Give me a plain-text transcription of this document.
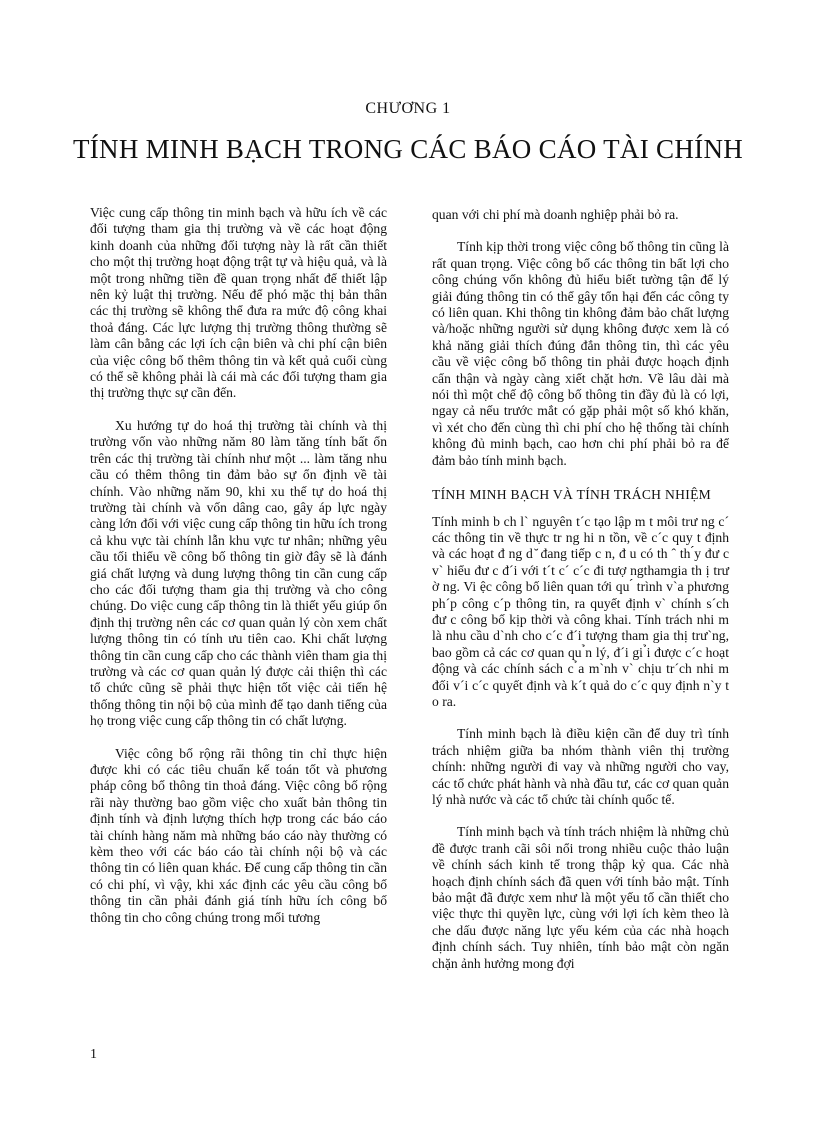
CHƯƠNG 1
TÍNH MINH BẠCH TRONG CÁC BÁO CÁO TÀI CHÍNH

Việc cung cấp thông tin minh bạch và hữu ích về các đối tượng tham gia thị trường và về các hoạt động kinh doanh của những đối tượng này là rất cần thiết cho một thị trường hoạt động trật tự và hiệu quả, và là một trong những tiền đề quan trọng nhất để thiết lập nên kỷ luật thị trường. Nếu để phó mặc thị bản thân các thị trường sẽ không thể đưa ra mức độ công khai thoả đáng. Các lực lượng thị trường thông thường sẽ làm cân bằng các lợi ích cận biên và chi phí cận biên của việc công bố thêm thông tin và kết quả cuối cùng có thể sẽ không phải là cái mà các đối tượng tham gia thị trường thực sự cần đến.

Xu hướng tự do hoá thị trường tài chính và thị trường vốn vào những năm 80 làm tăng tính bất ổn trên các thị trường tài chính như một ... làm tăng nhu cầu có thêm thông tin đảm bảo sự ổn định về tài chính. Vào những năm 90, khi xu thế tự do hoá thị trường tài chính và vốn dâng cao, gây áp lực ngày càng lớn đối với việc cung cấp thông tin hữu ích trong cả khu vực tài chính lẫn khu vực tư nhân; những yêu cầu tối thiểu về công bố thông tin giờ đây sẽ là đánh giá chất lượng và dung lượng thông tin cần cung cấp cho các đối tượng tham gia thị trường và cho công chúng. Do việc cung cấp thông tin là thiết yếu giúp ổn định thị trường nên các cơ quan quản lý còn xem chất lượng thông tin có tính ưu tiên cao. Khi chất lượng thông tin cần cung cấp cho các thành viên tham gia thị trường và các cơ quan quản lý được cải thiện thì các tổ chức cũng sẽ phải thực hiện tốt việc cải tiến hệ thống thông tin nội bộ của mình để tạo danh tiếng của họ trong việc cung cấp thông tin có chất lượng.

Việc công bố rộng rãi thông tin chỉ thực hiện được khi có các tiêu chuẩn kế toán tốt và phương pháp công bố thông tin thoả đáng. Việc công bố rộng rãi này thường bao gồm việc cho xuất bản thông tin định tính và định lượng thích hợp trong các báo cáo tài chính hàng năm mà những báo cáo này thường có kèm theo với các báo cáo tài chính nội bộ và các thông tin có liên quan khác. Để cung cấp thông tin cần có chi phí, vì vậy, khi xác định các yêu cầu công bố thông tin cần phải đánh giá tính hữu ích công bố thông tin cho công chúng trong mối tương

quan với chi phí mà doanh nghiệp phải bỏ ra.

Tính kịp thời trong việc công bố thông tin cũng là rất quan trọng. Việc công bố các thông tin bất lợi cho công chúng vốn không đủ hiểu biết tường tận để lý giải đúng thông tin có thể gây tổn hại đến các công ty có liên quan. Khi thông tin không đảm bảo chất lượng và/hoặc những người sử dụng không được xem là có khả năng giải thích đúng đắn thông tin, thì các yêu cầu về việc công bố thông tin phải được hoạch định cẩn thận và ngày càng xiết chặt hơn. Về lâu dài mà nói thì một chế độ công bố thông tin đầy đủ là có lợi, ngay cả nếu trước mắt có gặp phải một số khó khăn, vì xét cho đến cùng thì chi phí cho hệ thống tài chính không đủ minh bạch, cao hơn chi phí phải bỏ ra để đảm bảo tính minh bạch.

TÍNH MINH BẠCH VÀ TÍNH TRÁCH NHIỆM

Tính minh b ch l` nguyên t´c tạo lập m t môi trư ng c´ các thông tin về thực tr ng hi n tồn, về c´c quy t định và các hoạt đ ng d ̆ đang tiếp c n, đ u có th ˆ th ́y đư c v` hiểu đư c đ´i với t´t c´ c´c đi tượ ngthamgia th ị trư ờ ng. Vi ệc công bố liên quan tới qu ́ trình v`a phương ph´p công c´p thông tin, ra quyết định v` chính s´ch đư c công bố kịp thời và công khai. Tính trách nhi m là nhu cầu d`nh cho c´c đ´i tượng tham gia thị trư`ng, bao gồm cả các cơ quan qu ̉n lý, đ´i gi ̉i được c´c hoạt động và các chính sách c ̉a m`nh v` chịu tr´ch nhi m đối v´i c´c quyết định và k´t quả do c´c quy định n`y t o ra.

Tính minh bạch là điều kiện cần để duy trì tính trách nhiệm giữa ba nhóm thành viên thị trường chính: những người đi vay và những người cho vay, các tổ chức phát hành và nhà đầu tư, các cơ quan quản lý nhà nước và các tổ chức tài chính quốc tế.

Tính minh bạch và tính trách nhiệm là những chủ đề được tranh cãi sôi nổi trong nhiều cuộc thảo luận về chính sách kinh tế trong thập kỷ qua. Các nhà hoạch định chính sách đã quen với tính bảo mật. Tính bảo mật đã được xem như là một yếu tố cần thiết cho việc thực thi quyền lực, cùng với lợi ích kèm theo là che dấu được năng lực yếu kém của các nhà hoạch định chính sách. Tuy nhiên, tính bảo mật còn ngăn chặn ảnh hưởng mong đợi

1
